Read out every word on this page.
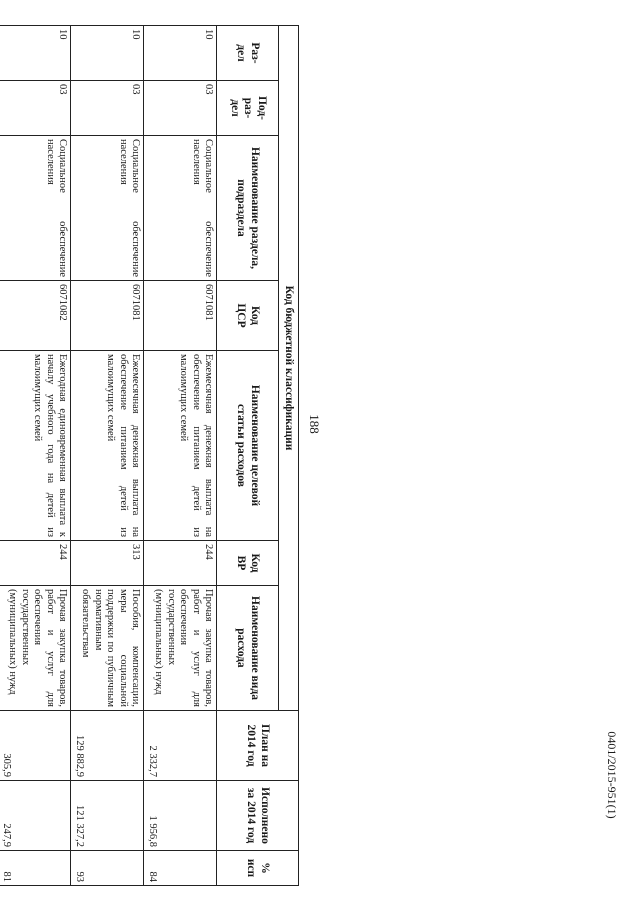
188
Код бюджетной классификации
План на
2014 год
Исполнено
за 2014 год
%
исп
Раз-
дел
Под-
раз-
дел
Наименование раздела,
подраздела
Код
ЦСР
Наименование целевой
статьи расходов
Код
ВР
Наименование вида
расхода
10
03
Социальное обеспечение населения
6071081
Ежемесячная денежная выплата на обеспечение питанием детей из малоимущих семей
244
Прочая закупка товаров, работ и услуг для обеспечения государственных (муниципальных) нужд
2 332,7
1 956,8
84
10
03
Социальное обеспечение населения
6071081
Ежемесячная денежная выплата на обеспечение питанием детей из малоимущих семей
313
Пособия, компенсации, меры социальной поддержки по публичным нормативным обязательствам
129 882,9
121 327,2
93
10
03
Социальное обеспечение населения
6071082
Ежегодная единовременная выплата к началу учебного года на детей из малоимущих семей
244
Прочая закупка товаров, работ и услуг для обеспечения государственных (муниципальных) нужд
305,9
247,9
81
0401/2015-951(1)
